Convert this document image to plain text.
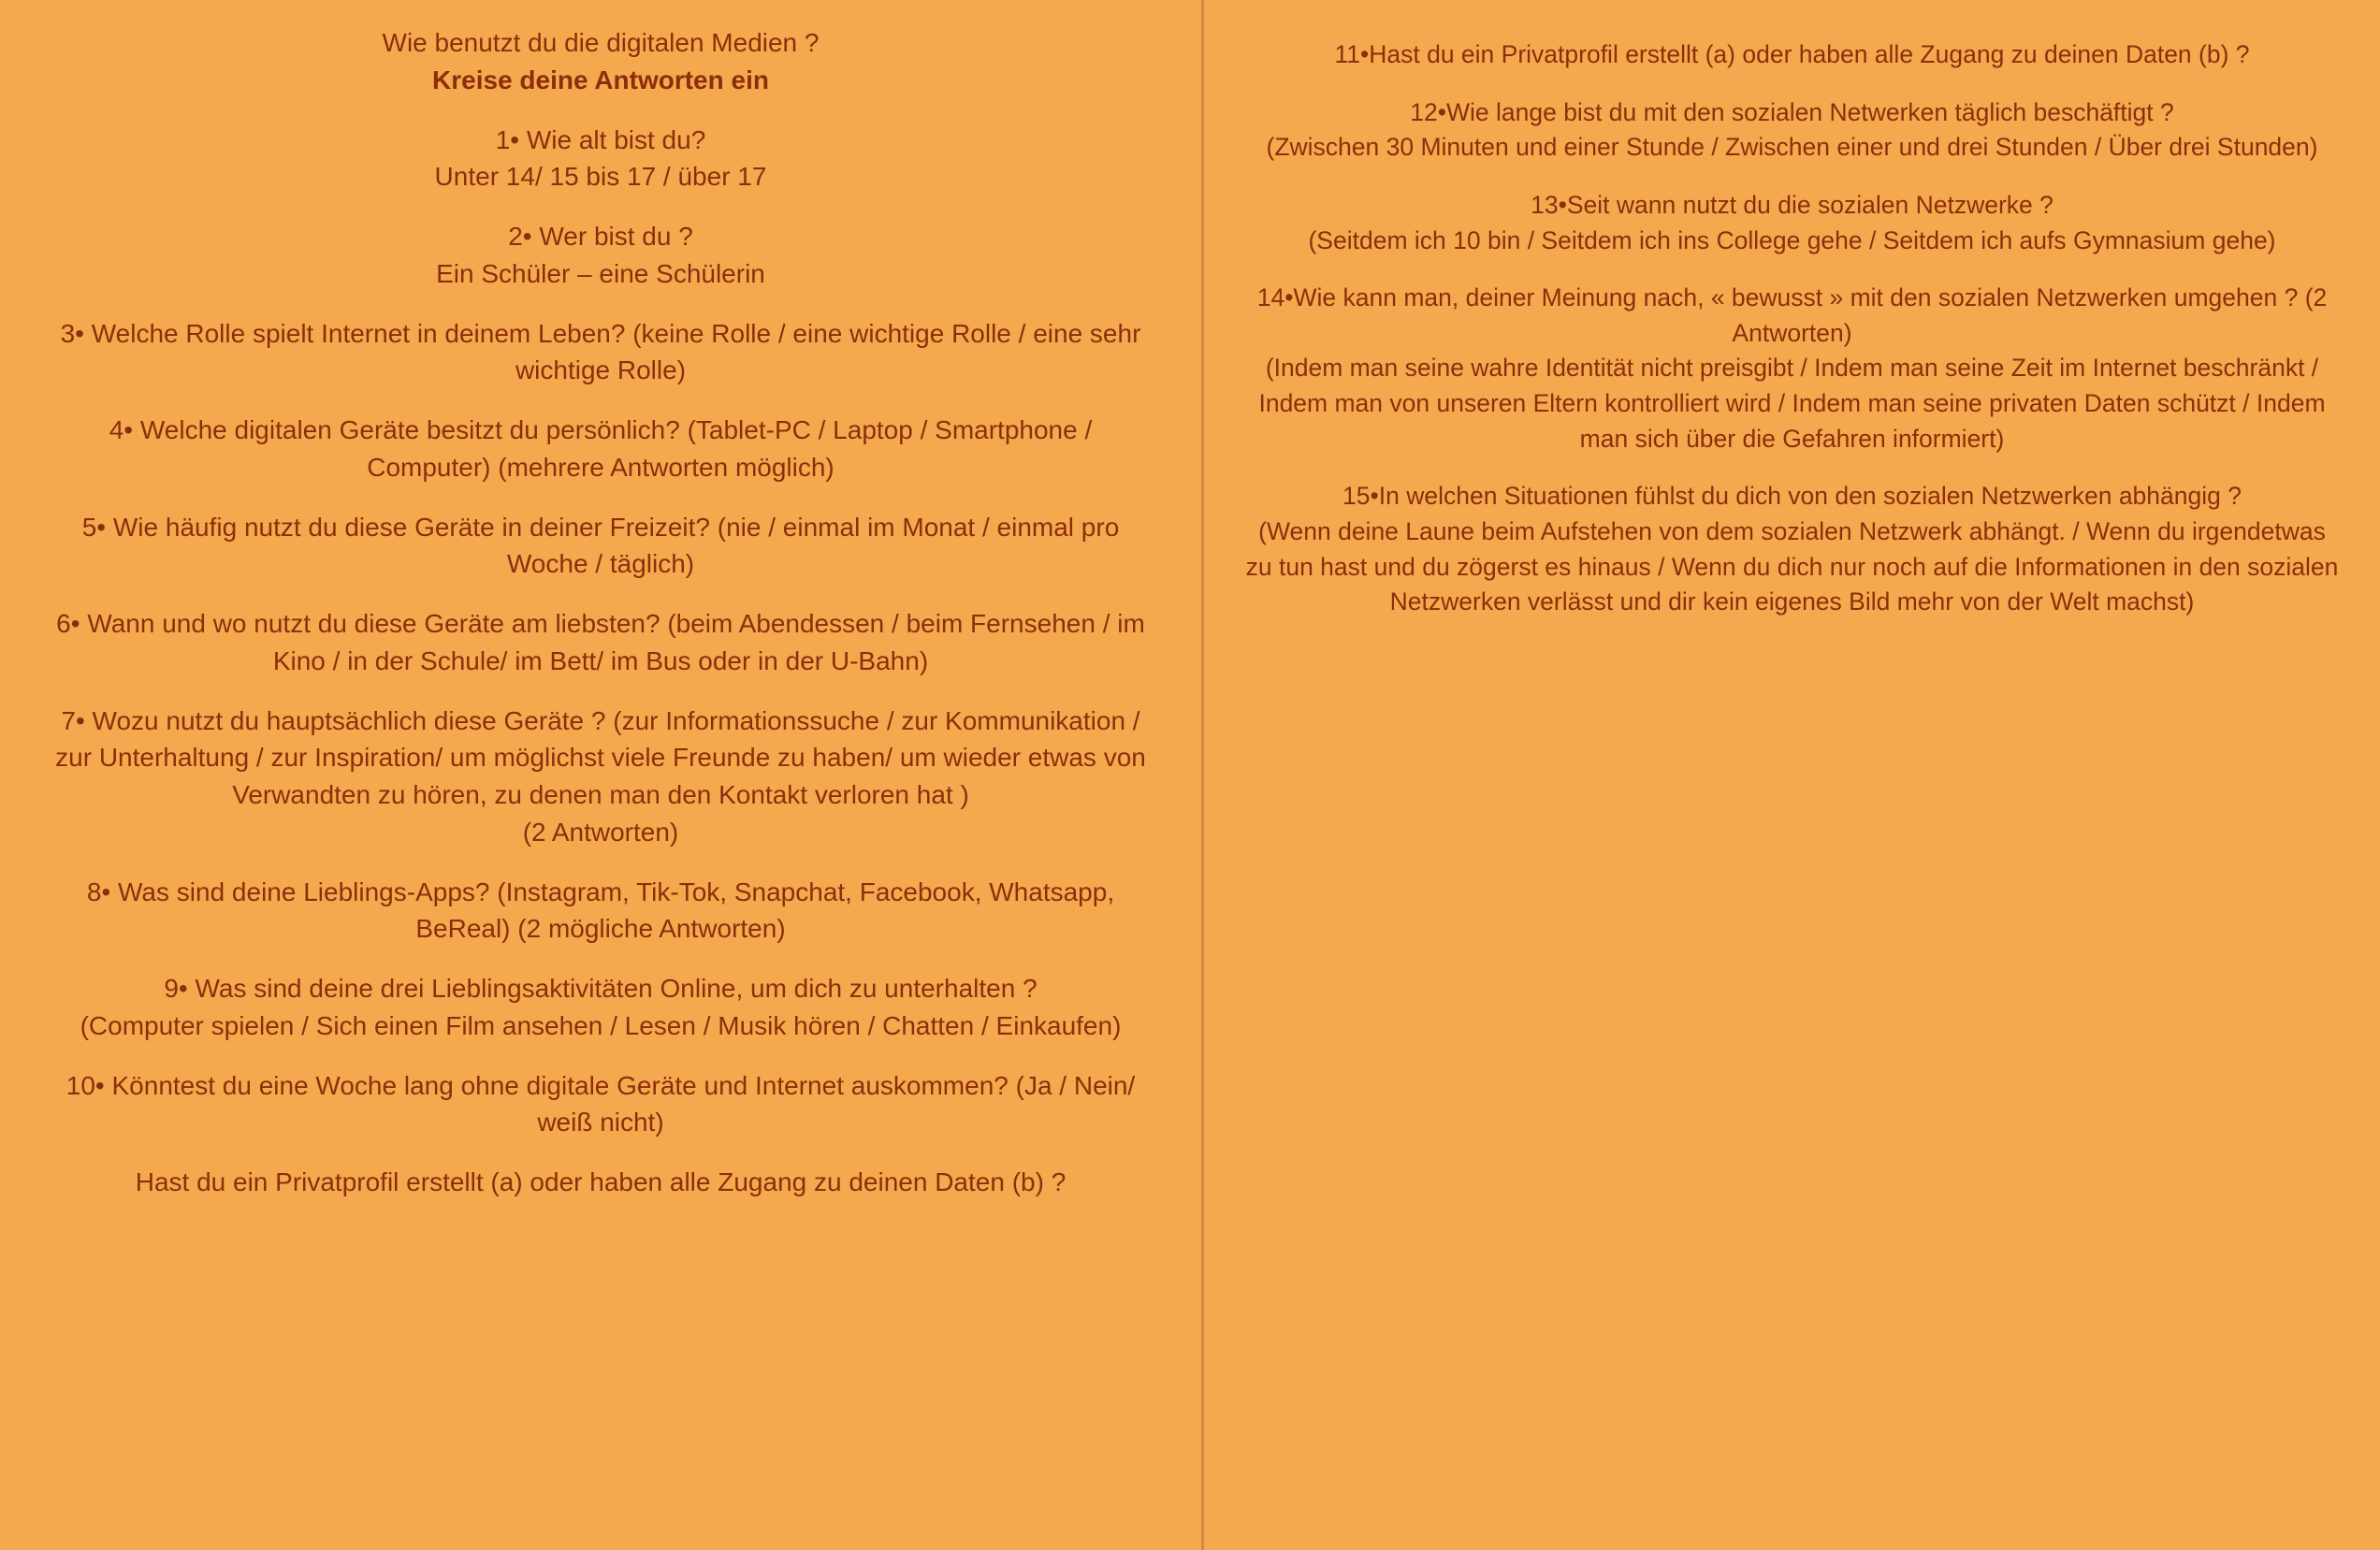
Wie benutzt du die digitalen Medien ?
Kreise deine Antworten ein
1• Wie alt bist du?
Unter 14/ 15 bis 17 / über 17
2• Wer bist du ?
Ein Schüler – eine Schülerin
3• Welche Rolle spielt Internet in deinem Leben? (keine Rolle / eine wichtige Rolle / eine sehr wichtige Rolle)
4• Welche digitalen Geräte besitzt du persönlich? (Tablet-PC / Laptop / Smartphone / Computer) (mehrere Antworten möglich)
5• Wie häufig nutzt du diese Geräte in deiner Freizeit? (nie / einmal im Monat / einmal pro Woche / täglich)
6• Wann und wo nutzt du diese Geräte am liebsten? (beim Abendessen / beim Fernsehen / im Kino / in der Schule/ im Bett/ im Bus oder in der U-Bahn)
7• Wozu nutzt du hauptsächlich diese Geräte ? (zur Informationssuche / zur Kommunikation / zur Unterhaltung / zur Inspiration/ um möglichst viele Freunde zu haben/ um wieder etwas von Verwandten zu hören, zu denen man den Kontakt verloren hat )
(2 Antworten)
8• Was sind deine Lieblings-Apps? (Instagram, Tik-Tok, Snapchat, Facebook, Whatsapp, BeReal) (2 mögliche Antworten)
9• Was sind deine drei Lieblingsaktivitäten Online, um dich zu unterhalten ?
(Computer spielen / Sich einen Film ansehen / Lesen / Musik hören / Chatten / Einkaufen)
10• Könntest du eine Woche lang ohne digitale Geräte und Internet auskommen? (Ja / Nein/ weiß nicht)
Hast du ein Privatprofil erstellt (a) oder haben alle Zugang zu deinen Daten (b) ?
11•Hast du ein Privatprofil erstellt (a) oder haben alle Zugang zu deinen Daten (b) ?
12•Wie lange bist du mit den sozialen Netwerken täglich beschäftigt ?
(Zwischen 30 Minuten und einer Stunde / Zwischen einer und drei Stunden / Über drei Stunden)
13•Seit wann nutzt du die sozialen Netzwerke ?
(Seitdem ich 10 bin / Seitdem ich ins College gehe / Seitdem ich aufs Gymnasium gehe)
14•Wie kann man, deiner Meinung nach, « bewusst » mit den sozialen Netzwerken umgehen ? (2 Antworten)
(Indem man seine wahre Identität nicht preisgibt / Indem man seine Zeit im Internet beschränkt / Indem man von unseren Eltern kontrolliert wird / Indem man seine privaten Daten schützt / Indem man sich über die Gefahren informiert)
15•In welchen Situationen fühlst du dich von den sozialen Netzwerken abhängig ?
(Wenn deine Laune beim Aufstehen von dem sozialen Netzwerk abhängt. / Wenn du irgendetwas zu tun hast und du zögerst es hinaus / Wenn du dich nur noch auf die Informationen in den sozialen Netzwerken verlässt und dir kein eigenes Bild mehr von der Welt machst)
